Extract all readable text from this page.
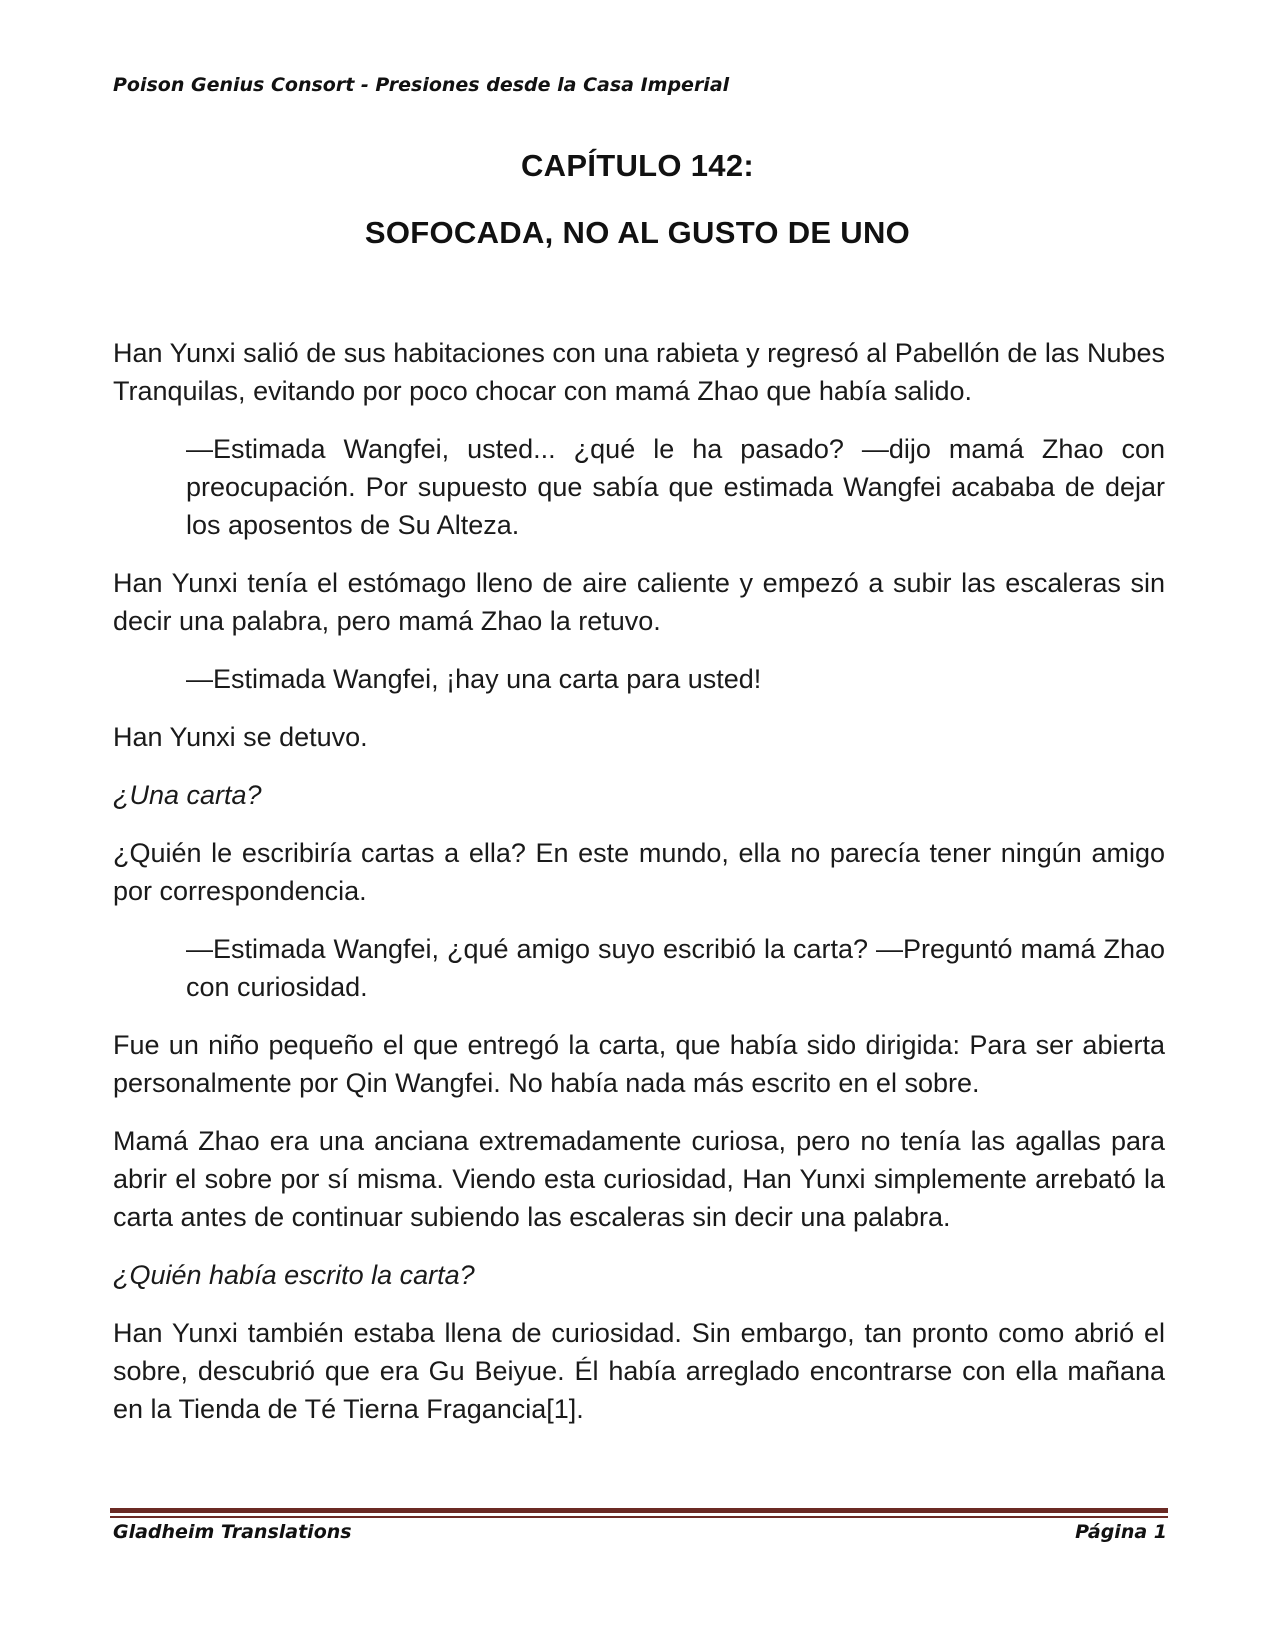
Poison Genius Consort - Presiones desde la Casa Imperial
CAPÍTULO 142:
SOFOCADA, NO AL GUSTO DE UNO

Han Yunxi salió de sus habitaciones con una rabieta y regresó al Pabellón de las Nubes Tranquilas, evitando por poco chocar con mamá Zhao que había salido.

—Estimada Wangfei, usted... ¿qué le ha pasado? —dijo mamá Zhao con preocupación. Por supuesto que sabía que estimada Wangfei acababa de dejar los aposentos de Su Alteza.

Han Yunxi tenía el estómago lleno de aire caliente y empezó a subir las escaleras sin decir una palabra, pero mamá Zhao la retuvo.

—Estimada Wangfei, ¡hay una carta para usted!

Han Yunxi se detuvo.

¿Una carta?

¿Quién le escribiría cartas a ella? En este mundo, ella no parecía tener ningún amigo por correspondencia.

—Estimada Wangfei, ¿qué amigo suyo escribió la carta? —Preguntó mamá Zhao con curiosidad.

Fue un niño pequeño el que entregó la carta, que había sido dirigida: Para ser abierta personalmente por Qin Wangfei. No había nada más escrito en el sobre.

Mamá Zhao era una anciana extremadamente curiosa, pero no tenía las agallas para abrir el sobre por sí misma. Viendo esta curiosidad, Han Yunxi simplemente arrebató la carta antes de continuar subiendo las escaleras sin decir una palabra.

¿Quién había escrito la carta?

Han Yunxi también estaba llena de curiosidad. Sin embargo, tan pronto como abrió el sobre, descubrió que era Gu Beiyue. Él había arreglado encontrarse con ella mañana en la Tienda de Té Tierna Fragancia[1].

Gladheim Translations	Página 1
